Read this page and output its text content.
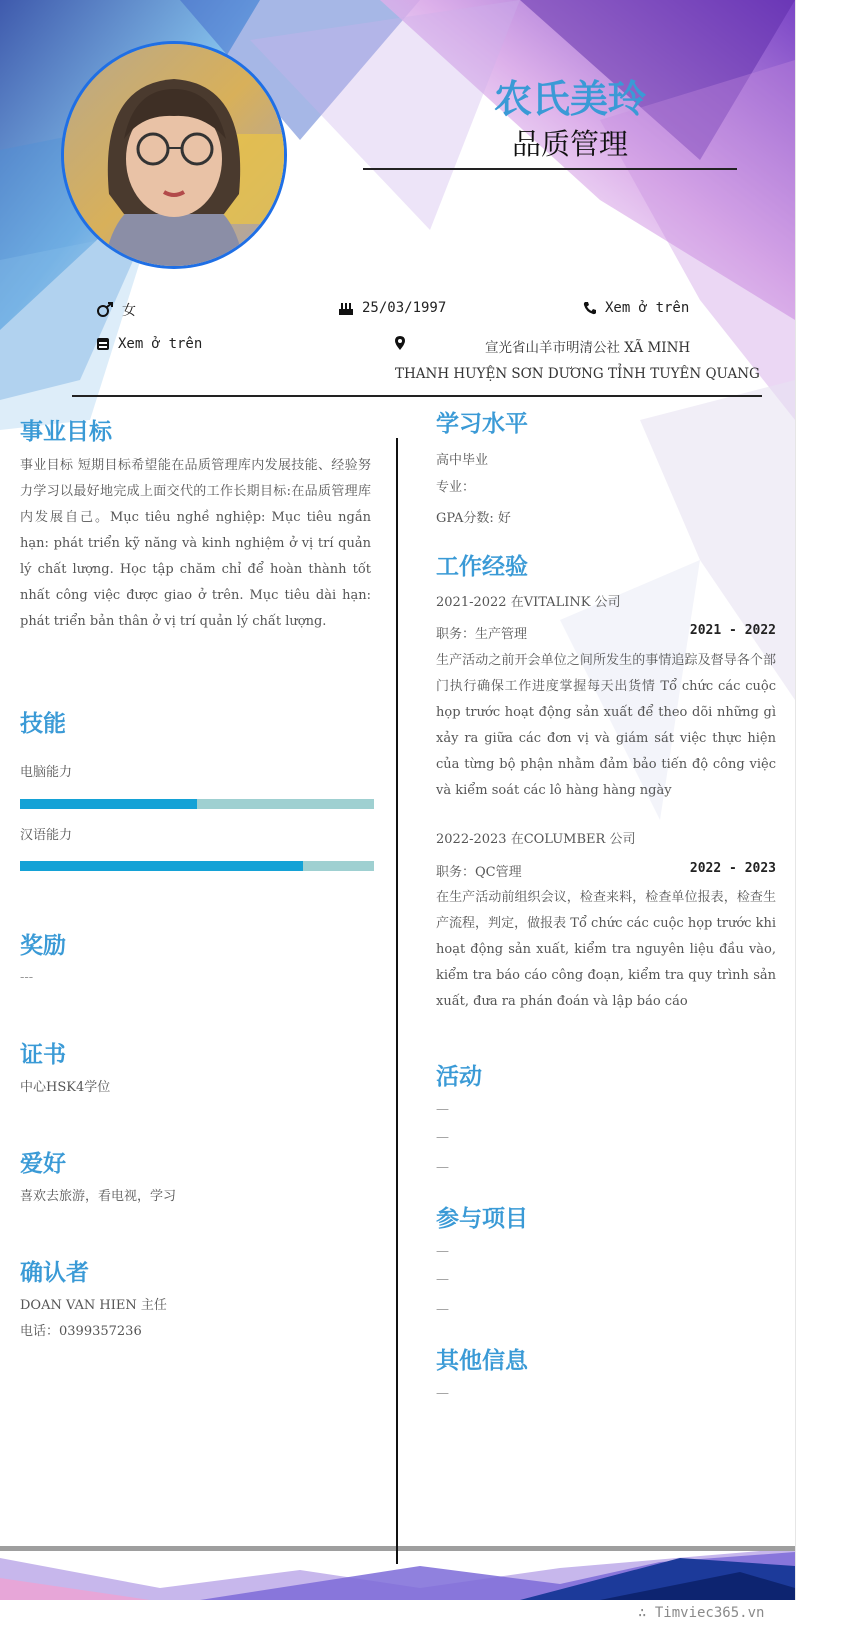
农氏美玲
品质管理
女	25/03/1997	Xem ở trên
Xem ở trên	宣光省山羊市明清公社 XÃ MINH
THANH HUYỆN SƠN DƯƠNG TỈNH TUYÊN QUANG
事业目标
事业目标 短期目标希望能在品质管理库内发展技能、经验努力学习以最好地完成上面交代的工作长期目标:在品质管理库内发展自己。Mục tiêu nghề nghiệp: Mục tiêu ngắn hạn: phát triển kỹ năng và kinh nghiệm ở vị trí quản lý chất lượng. Học tập chăm chỉ để hoàn thành tốt nhất công việc được giao ở trên. Mục tiêu dài hạn: phát triển bản thân ở vị trí quản lý chất lượng.
技能
电脑能力
汉语能力
奖励
---
证书
中心HSK4学位
爱好
喜欢去旅游，看电视，学习
确认者
DOAN VAN HIEN 主任
电话：0399357236
学习水平
高中毕业
专业：
GPA分数: 好
工作经验
2021-2022 在VITALINK 公司
职务：生产管理	2021 - 2022
生产活动之前开会单位之间所发生的事情追踪及督导各个部门执行确保工作进度掌握每天出货情 Tổ chức các cuộc họp trước hoạt động sản xuất để theo dõi những gì xảy ra giữa các đơn vị và giám sát việc thực hiện của từng bộ phận nhằm đảm bảo tiến độ công việc và kiểm soát các lô hàng hàng ngày
2022-2023 在COLUMBER 公司
职务：QC管理	2022 - 2023
在生产活动前组织会议，检查来料，检查单位报表，检查生产流程，判定，做报表 Tổ chức các cuộc họp trước khi hoạt động sản xuất, kiểm tra nguyên liệu đầu vào, kiểm tra báo cáo công đoạn, kiểm tra quy trình sản xuất, đưa ra phán đoán và lập báo cáo
活动
—
—
—
参与项目
—
—
—
其他信息
—
∴ Timviec365.vn
